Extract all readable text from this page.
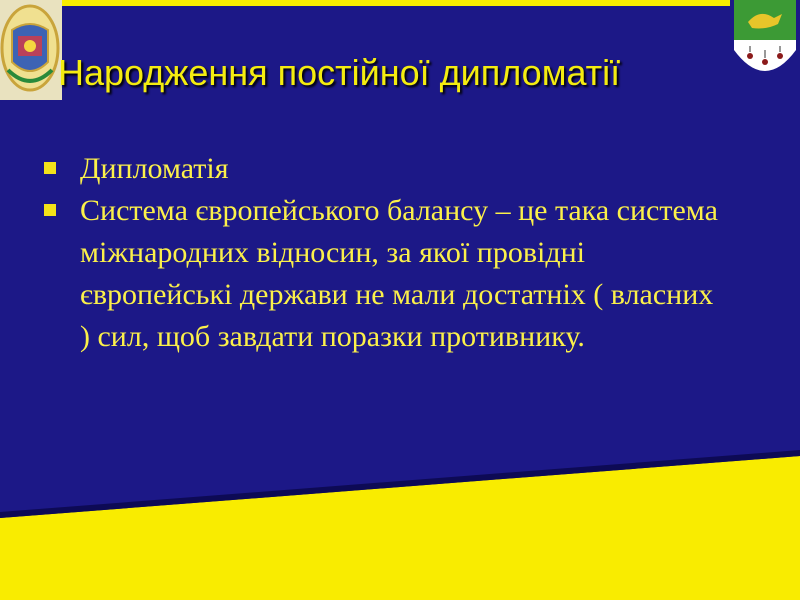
Народження постійної дипломатії
Дипломатія
Система європейського балансу – це така система міжнародних відносин, за якої провідні європейські держави не мали достатніх ( власних ) сил, щоб завдати поразки противнику.
